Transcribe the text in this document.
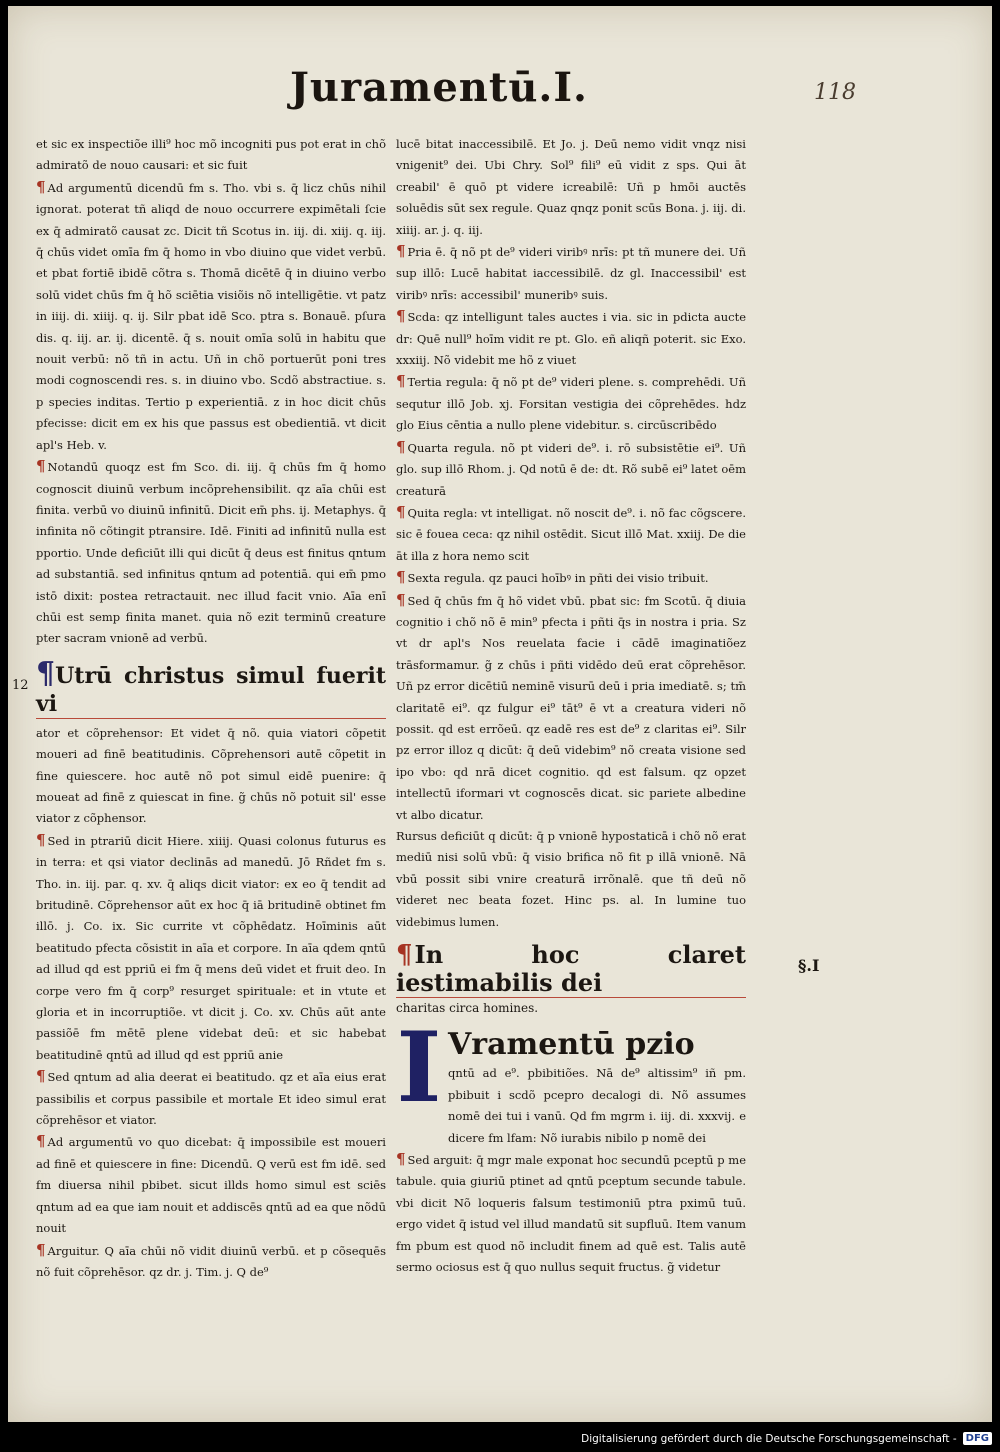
Juramentū.I.	118
12
§.I

et sic ex inspectiõe illi⁹ hoc mõ incogniti pus pot erat in chõ admiratõ de nouo causari: et sic fuit

¶ Ad argumentū dicendū fm s. Tho. vbi s. q̄ licz chūs nihil ignorat. poterat tñ aliqd de nouo occurrere expimētali ſcie ex q̄ admiratõ causat zc. Dicit tñ Scotus in. iij. di. xiij. q. iij. q̄ chūs videt omīa fm q̄ homo in vbo diuino que videt verbū. et pbat fortiē ibidē cõtra s. Thomā dicētē q̄ in diuino verbo solū videt chūs fm q̄ hõ sciētia visiõis nõ intelligētie. vt patz in iiij. di. xiiij. q. ij. Silr pbat idē Sco. ptra s. Bonauē. pſura dis. q. iij. ar. ij. dicentē. q̄ s. nouit omīa solū in habitu que nouit verbū: nõ tñ in actu. Uñ in chõ portuerūt poni tres modi cognoscendi res. s. in diuino vbo. Scdõ abstractiue. s. p species inditas. Tertio p experientiā. z in hoc dicit chūs pfecisse: dicit em ex his que passus est obedientiā. vt dicit apl's Heb. v.

¶ Notandū quoqz est fm Sco. di. iij. q̄ chūs fm q̄ homo cognoscit diuinū verbum incõprehensibilit. qz aīa chūi est finita. verbū vo diuinū infinitū. Dicit em̄ phs. ij. Metaphys. q̄ infinita nõ cõtingit ptransire. Idē. Finiti ad infinitū nulla est pportio. Unde deficiūt illi qui dicūt q̄ deus est finitus qntum ad substantiā. sed infinitus qntum ad potentiā. qui em̄ pmo istō dixit: postea retractauit. nec illud facit vnio. Aīa enī chūi est semp finita manet. quia nõ ezit terminū creature pter sacram vnionē ad verbū.

¶Utrū christus simul fuerit vi

ator et cõprehensor: Et videt q̄ nõ. quia viatori cõpetit moueri ad finē beatitudinis. Cõprehensori autē cõpetit in fine quiescere. hoc autē nõ pot simul eidē puenire: q̄ moueat ad finē z quiescat in fine. g̃ chūs nõ potuit sil' esse viator z cõphensor.

¶ Sed in ptrariū dicit Hiere. xiiij. Quasi colonus futurus es in terra: et qsi viator declinās ad manedū. Jō Rñdet fm s. Tho. in. iij. par. q. xv. q̄ aliqs dicit viator: ex eo q̄ tendit ad britudinē. Cõprehensor aūt ex hoc q̄ iā britudinē obtinet fm illō. j. Co. ix. Sic currite vt cõphēdatz. Hoīminis aūt beatitudo pfecta cõsistit in aīa et corpore. In aīa qdem qntū ad illud qd est ppriū ei fm q̄ mens deū videt et fruit deo. In corpe vero fm q̄ corp⁹ resurget spirituale: et in vtute et gloria et in incorruptiõe. vt dicit j. Co. xv. Chūs aūt ante passiõē fm mētē plene videbat deū: et sic habebat beatitudinē qntū ad illud qd est ppriū anie

¶ Sed qntum ad alia deerat ei beatitudo. qz et aīa eius erat passibilis et corpus passibile et mortale Et ideo simul erat cõprehēsor et viator.

¶ Ad argumentū vo quo dicebat: q̄ impossibile est moueri ad finē et quiescere in fine: Dicendū. Q verū est fm idē. sed fm diuersa nihil pbibet. sicut illds homo simul est sciēs qntum ad ea que iam nouit et addiscēs qntū ad ea que nõdū nouit

¶ Arguitur. Q aīa chūi nõ vidit diuinū verbū. et p cõsequēs nõ fuit cõprehēsor. qz dr. j. Tim. j. Q de⁹

lucē bitat inaccessibilē. Et Jo. j. Deū nemo vidit vnqz nisi vnigenit⁹ dei. Ubi Chry. Sol⁹ fili⁹ eū vidit z sps. Qui āt creabil' ē quō pt videre icreabilē: Uñ p hmōi auctēs soluēdis sūt sex regule. Quaz qnqz ponit scūs Bona. j. iij. di. xiiij. ar. j. q. iij.

¶ Pria ē. q̄ nõ pt de⁹ videri viribꝰ nrīs: pt tñ munere dei. Uñ sup illō: Lucē habitat iaccessibilē. dz gl. Inaccessibil' est viribꝰ nrīs: accessibil' muneribꝰ suis.

¶ Scda: qz intelligunt tales auctes i via. sic in pdicta aucte dr: Quē null⁹ hoīm vidit re pt. Glo. eñ aliqñ poterit. sic Exo. xxxiij. Nõ videbit me hõ z viuet

¶ Tertia regula: q̄ nõ pt de⁹ videri plene. s. comprehēdi. Uñ sequtur illō Job. xj. Forsitan vestigia dei cõprehēdes. hdz glo Eius cēntia a nullo plene videbitur. s. circūscribēdo

¶ Quarta regula. nõ pt videri de⁹. i. rō subsistētie ei⁹. Uñ glo. sup illō Rhom. j. Qd notū ē de: dt. Rõ subē ei⁹ latet oēm creaturā

¶ Quita regla: vt intelligat. nõ noscit de⁹. i. nõ fac cõgscere. sic ē fouea ceca: qz nihil ostēdit. Sicut illō Mat. xxiij. De die āt illa z hora nemo scit

¶ Sexta regula. qz pauci hoībꝰ in pñti dei visio tribuit.

¶ Sed q̄ chūs fm q̄ hõ videt vbū. pbat sic: fm Scotū. q̄ diuia cognitio i chõ nõ ē min⁹ pfecta i pñti q̄s in nostra i pria. Sz vt dr apl's Nos reuelata facie i cādē imaginatiõez trāsformamur. g̃ z chūs i pñti vidēdo deū erat cõprehēsor. Uñ pz error dicētiū neminē visurū deū i pria imediatē. s; tm̄ claritatē ei⁹. qz fulgur ei⁹ tāt⁹ ē vt a creatura videri nõ possit. qd est errõeū. qz eadē res est de⁹ z claritas ei⁹. Silr pz error illoz q dicūt: q̄ deū videbim⁹ nõ creata visione sed ipo vbo: qd nrā dicet cognitio. qd est falsum. qz opzet intellectū iformari vt cognoscēs dicat. sic pariete albedine vt albo dicatur.

Rursus deficiūt q dicūt: q̄ p vnionē hypostaticā i chõ nõ erat mediū nisi solū vbū: q̄ visio brifica nõ fit p illā vnionē. Nā vbū possit sibi vnire creaturā irrõnalē. que tñ deū nõ videret nec beata fozet. Hinc ps. al. In lumine tuo videbimus lumen.

¶In hoc claret iestimabilis dei
charitas circa homines.
I Vramentū pzio

qntū ad e⁹. pbibitiões. Nā de⁹ altissim⁹ iñ pm. pbibuit i scdõ pcepro decalogi di. Nõ assumes nomē dei tui i vanū. Qd fm mgrm i. iij. di. xxxvij. e dicere fm lfam: Nõ iurabis nibilo p nomē dei

¶ Sed arguit: q̄ mgr male exponat hoc secundū pceptū p me tabule. quia giuriū ptinet ad qntū pceptum secunde tabule. vbi dicit Nõ loqueris falsum testimoniū ptra pximū tuū. ergo videt q̄ istud vel illud mandatū sit supfluū. Item vanum fm pbum est quod nõ includit finem ad quē est. Talis autē sermo ociosus est q̄ quo nullus sequit fructus. g̃ videtur

Digitalisierung gefördert durch die Deutsche Forschungsgemeinschaft - DFG
